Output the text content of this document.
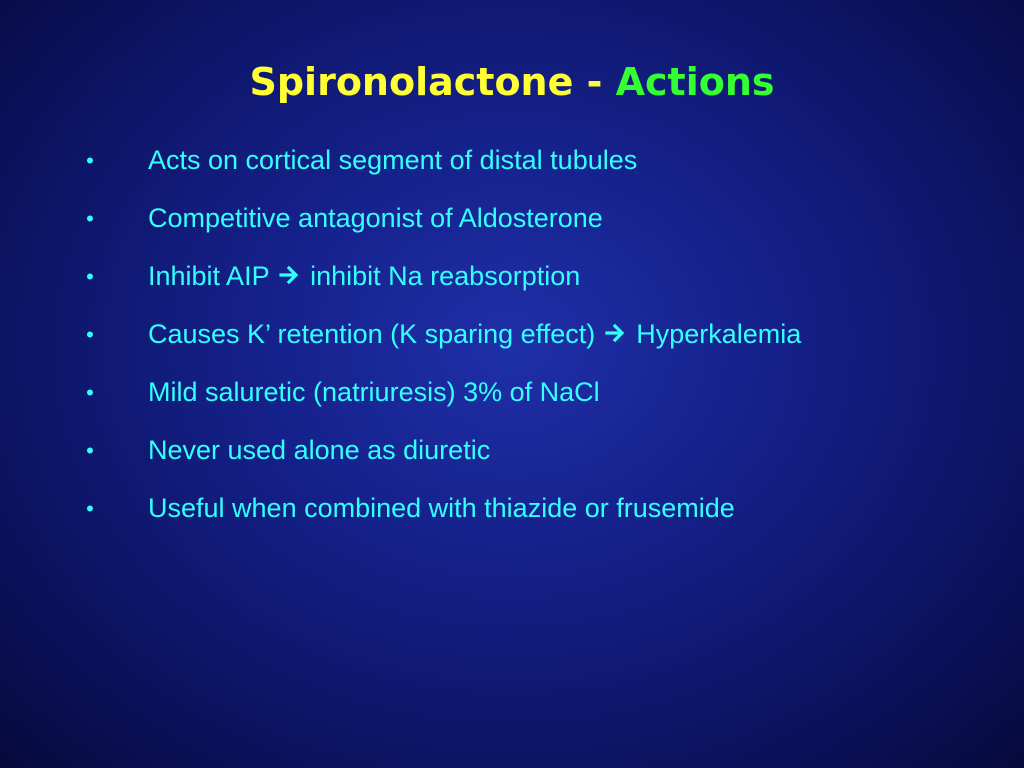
Spironolactone - Actions
• Acts on cortical segment of distal tubules
• Competitive antagonist of Aldosterone
• Inhibit AIP
inhibit Na reabsorption
• Causes K’ retention (K sparing effect)
Hyperkalemia
• Mild saluretic (natriuresis) 3% of NaCl
• Never used alone as diuretic
• Useful when combined with thiazide or frusemide
